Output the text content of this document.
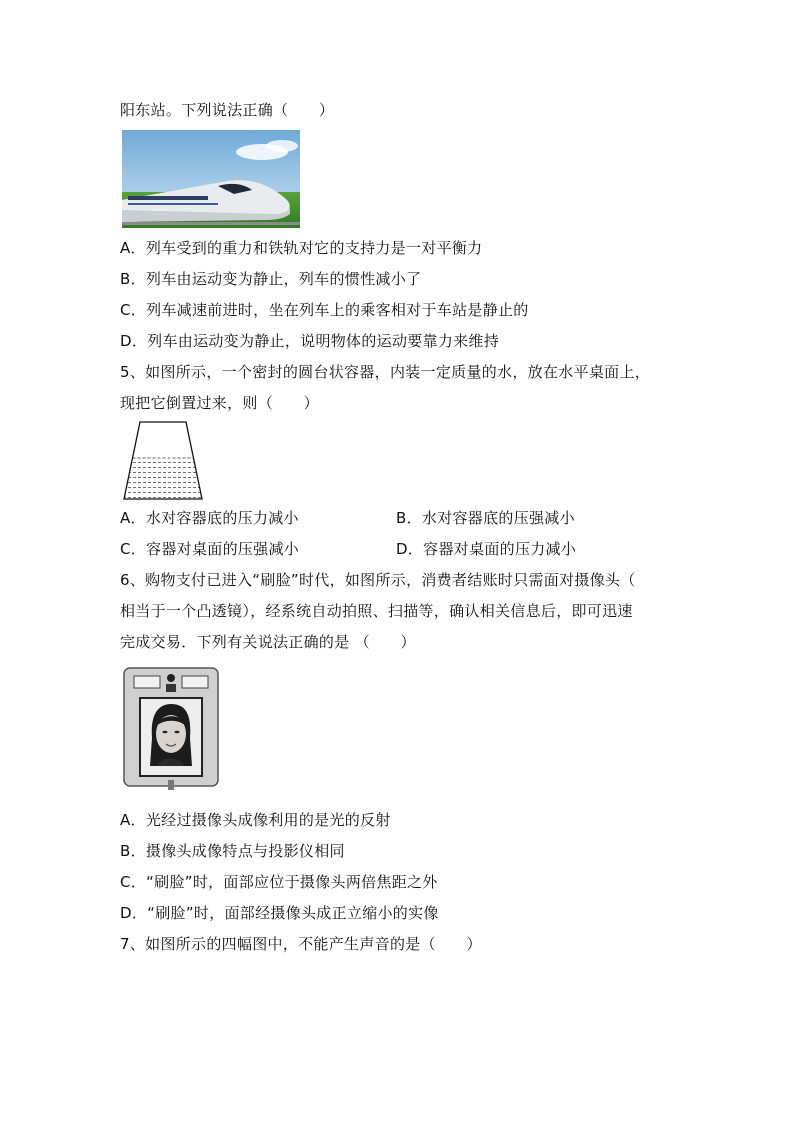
阳东站。下列说法正确（　　）
A．列车受到的重力和铁轨对它的支持力是一对平衡力
B．列车由运动变为静止，列车的惯性减小了
C．列车减速前进时，坐在列车上的乘客相对于车站是静止的
D．列车由运动变为静止，说明物体的运动要靠力来维持
5、如图所示，一个密封的圆台状容器，内装一定质量的水，放在水平桌面上，
现把它倒置过来，则（　　）
A．水对容器底的压力减小	B．水对容器底的压强减小
C．容器对桌面的压强减小	D．容器对桌面的压力减小
6、购物支付已进入“刷脸”时代，如图所示，消费者结账时只需面对摄像头（
相当于一个凸透镜），经系统自动拍照、扫描等，确认相关信息后，即可迅速
完成交易．下列有关说法正确的是 （　　）
A．光经过摄像头成像利用的是光的反射
B．摄像头成像特点与投影仪相同
C．“刷脸”时，面部应位于摄像头两倍焦距之外
D．“刷脸”时，面部经摄像头成正立缩小的实像
7、如图所示的四幅图中，不能产生声音的是（　　）
